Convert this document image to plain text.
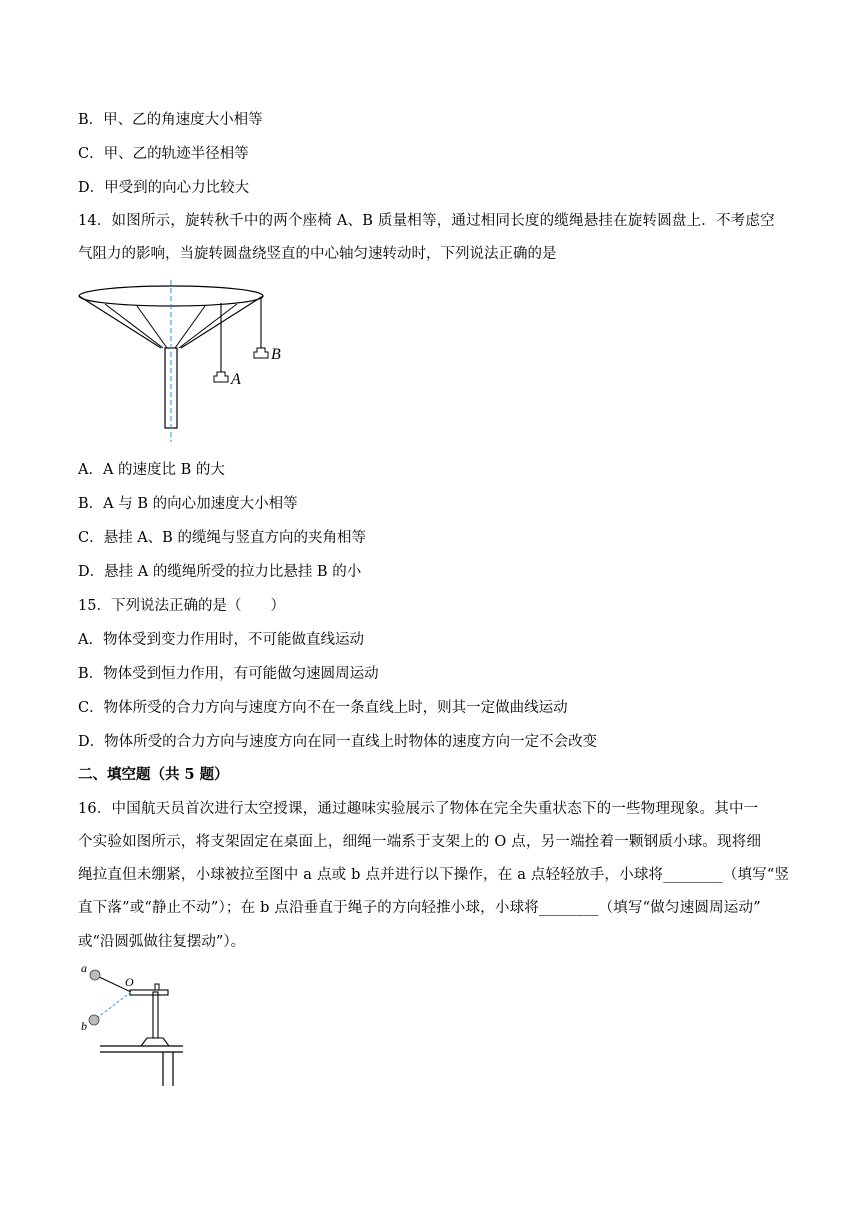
B．甲、乙的角速度大小相等
C．甲、乙的轨迹半径相等
D．甲受到的向心力比较大
14．如图所示，旋转秋千中的两个座椅 A、B 质量相等，通过相同长度的缆绳悬挂在旋转圆盘上．不考虑空
气阻力的影响，当旋转圆盘绕竖直的中心轴匀速转动时，下列说法正确的是
A
B
A．A 的速度比 B 的大
B．A 与 B 的向心加速度大小相等
C．悬挂 A、B 的缆绳与竖直方向的夹角相等
D．悬挂 A 的缆绳所受的拉力比悬挂 B 的小
15．下列说法正确的是（　　）
A．物体受到变力作用时，不可能做直线运动
B．物体受到恒力作用，有可能做匀速圆周运动
C．物体所受的合力方向与速度方向不在一条直线上时，则其一定做曲线运动
D．物体所受的合力方向与速度方向在同一直线上时物体的速度方向一定不会改变
二、填空题（共 5 题）
16．中国航天员首次进行太空授课，通过趣味实验展示了物体在完全失重状态下的一些物理现象。其中一
个实验如图所示，将支架固定在桌面上，细绳一端系于支架上的 O 点，另一端拴着一颗钢质小球。现将细
绳拉直但未绷紧，小球被拉至图中 a 点或 b 点并进行以下操作，在 a 点轻轻放手，小球将________（填写“竖
直下落”或“静止不动”）；在 b 点沿垂直于绳子的方向轻推小球，小球将________（填写“做匀速圆周运动”
或“沿圆弧做往复摆动”）。
a
b
O
